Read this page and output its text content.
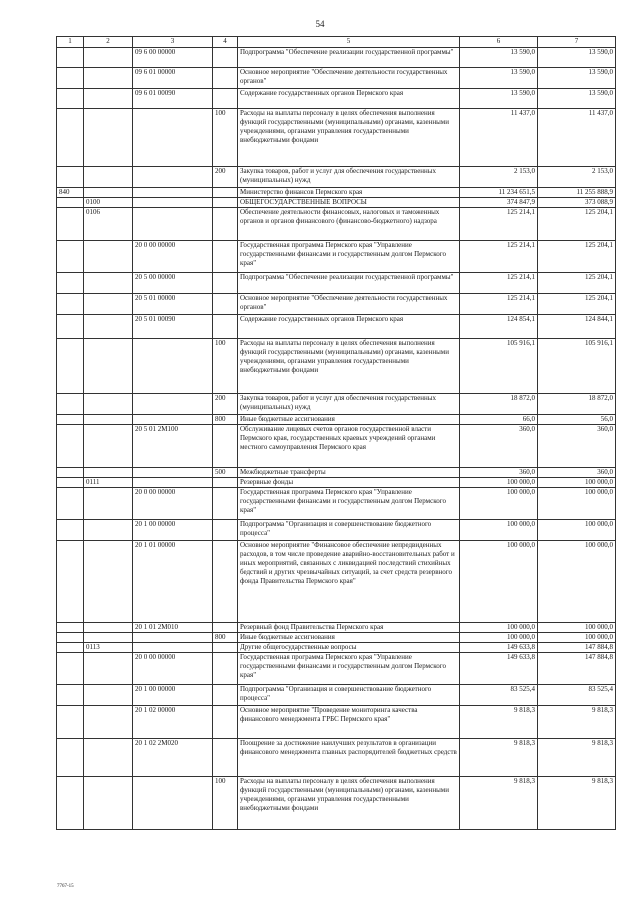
54
1	2	3	4	5	6	7
		09 6 00 00000		Подпрограмма "Обеспечение реализации государственной программы"	13 590,0	13 590,0
		09 6 01 00000		Основное мероприятие "Обеспечение деятельности государственных органов"	13 590,0	13 590,0
		09 6 01 00090		Содержание государственных органов Пермского края	13 590,0	13 590,0
			100	Расходы на выплаты персоналу в целях обеспечения выполнения функций государственными (муниципальными) органами, казенными учреждениями, органами управления государственными внебюджетными фондами	11 437,0	11 437,0
			200	Закупка товаров, работ и услуг для обеспечения государственных (муниципальных) нужд	2 153,0	2 153,0
840				Министерство финансов Пермского края	11 234 651,5	11 255 888,9
	0100			ОБЩЕГОСУДАРСТВЕННЫЕ ВОПРОСЫ	374 847,9	373 088,9
	0106			Обеспечение деятельности финансовых, налоговых и таможенных органов и органов финансового (финансово-бюджетного) надзора	125 214,1	125 204,1
		20 0 00 00000		Государственная программа Пермского края "Управление государственными финансами и государственным долгом Пермского края"	125 214,1	125 204,1
		20 5 00 00000		Подпрограмма "Обеспечение реализации государственной программы"	125 214,1	125 204,1
		20 5 01 00000		Основное мероприятие "Обеспечение деятельности государственных органов"	125 214,1	125 204,1
		20 5 01 00090		Содержание государственных органов Пермского края	124 854,1	124 844,1
			100	Расходы на выплаты персоналу в целях обеспечения выполнения функций государственными (муниципальными) органами, казенными учреждениями, органами управления государственными внебюджетными фондами	105 916,1	105 916,1
			200	Закупка товаров, работ и услуг для обеспечения государственных (муниципальных) нужд	18 872,0	18 872,0
			800	Иные бюджетные ассигнования	66,0	56,0
		20 5 01 2М100		Обслуживание лицевых счетов органов государственной власти Пермского края, государственных краевых учреждений органами местного самоуправления Пермского края	360,0	360,0
			500	Межбюджетные трансферты	360,0	360,0
	0111			Резервные фонды	100 000,0	100 000,0
		20 0 00 00000		Государственная программа Пермского края "Управление государственными финансами и государственным долгом Пермского края"	100 000,0	100 000,0
		20 1 00 00000		Подпрограмма "Организация и совершенствование бюджетного процесса"	100 000,0	100 000,0
		20 1 01 00000		Основное мероприятие "Финансовое обеспечение непредвиденных расходов, в том числе проведение аварийно-восстановительных работ и иных мероприятий, связанных с ликвидацией последствий стихийных бедствий и других чрезвычайных ситуаций, за счет средств резервного фонда Правительства Пермского края"	100 000,0	100 000,0
		20 1 01 2М010		Резервный фонд Правительства Пермского края	100 000,0	100 000,0
			800	Иные бюджетные ассигнования	100 000,0	100 000,0
	0113			Другие общегосударственные вопросы	149 633,8	147 884,8
		20 0 00 00000		Государственная программа Пермского края "Управление государственными финансами и государственным долгом Пермского края"	149 633,8	147 884,8
		20 1 00 00000		Подпрограмма "Организация и совершенствование бюджетного процесса"	83 525,4	83 525,4
		20 1 02 00000		Основное мероприятие "Проведение мониторинга качества финансового менеджмента ГРБС Пермского края"	9 818,3	9 818,3
		20 1 02 2М020		Поощрение за достижение наилучших результатов в организации финансового менеджмента главных распорядителей бюджетных средств	9 818,3	9 818,3
			100	Расходы на выплаты персоналу в целях обеспечения выполнения функций государственными (муниципальными) органами, казенными учреждениями, органами управления государственными внебюджетными фондами	9 818,3	9 818,3
7767-15
